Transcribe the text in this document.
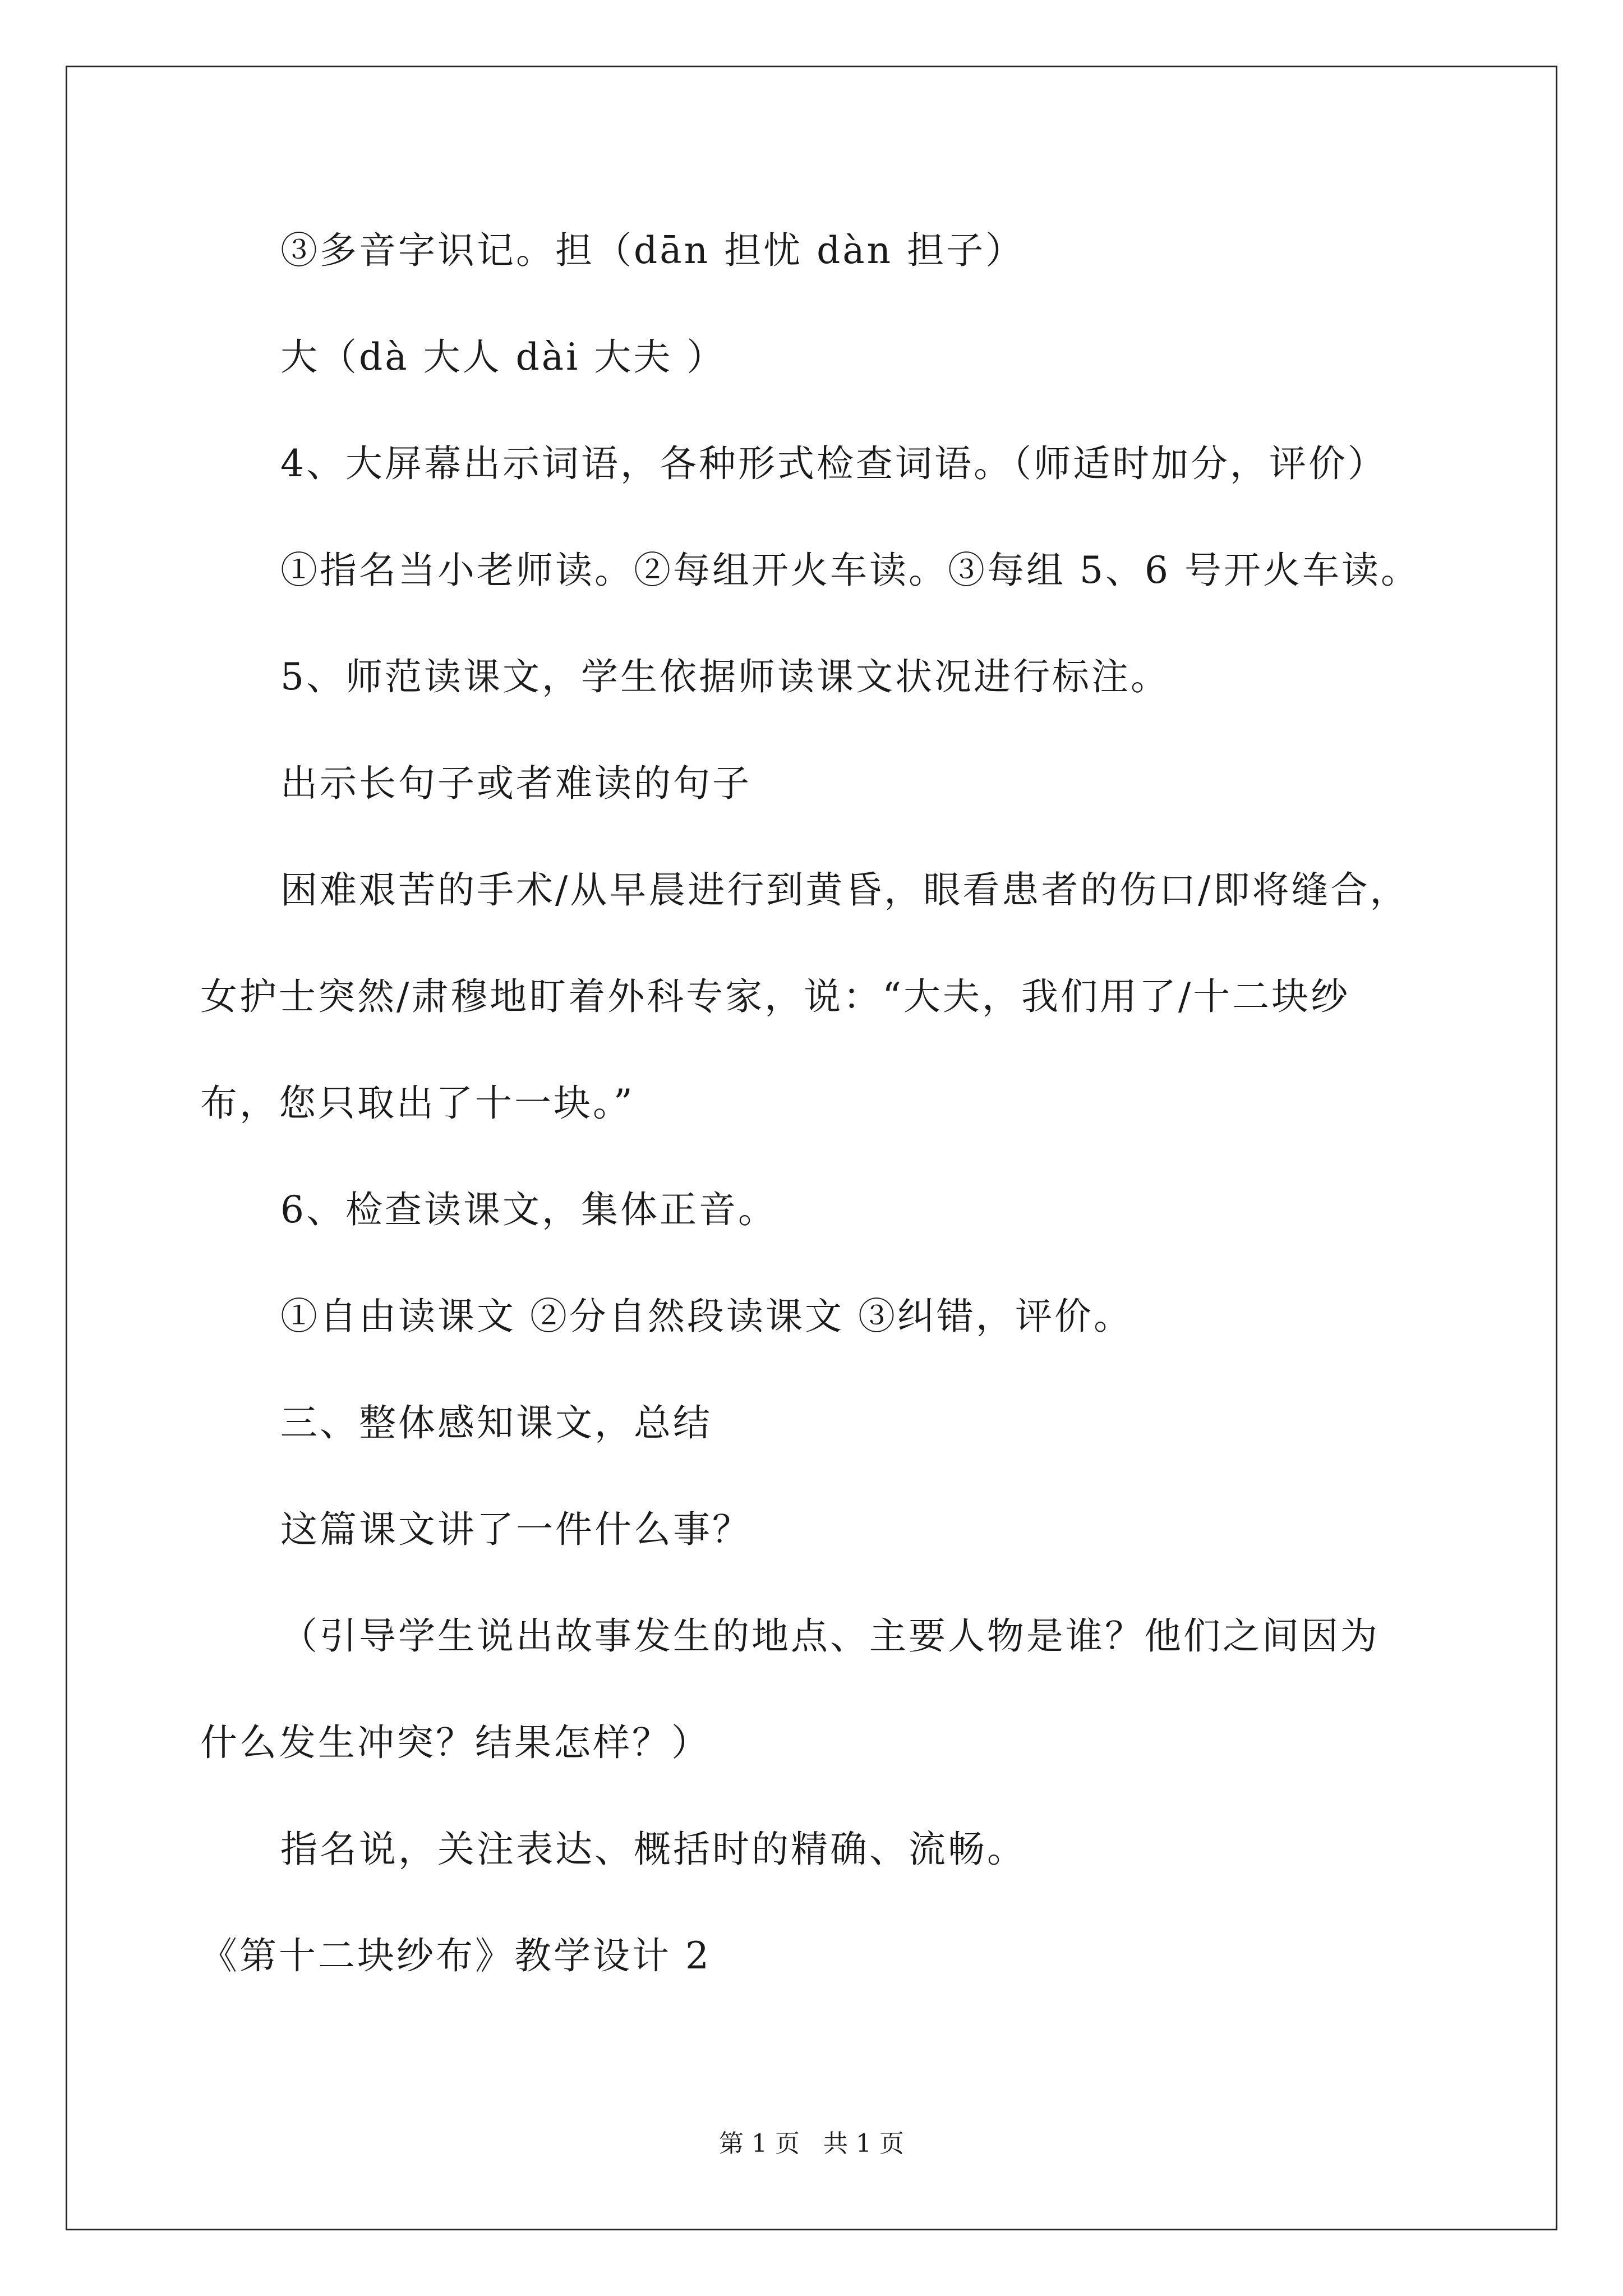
③多音字识记。担（dān 担忧 dàn 担子）
大（dà 大人 dài 大夫 ）
4、大屏幕出示词语，各种形式检查词语。（师适时加分，评价）
①指名当小老师读。②每组开火车读。③每组 5、6 号开火车读。
5、师范读课文，学生依据师读课文状况进行标注。
出示长句子或者难读的句子
困难艰苦的手术/从早晨进行到黄昏，眼看患者的伤口/即将缝合，
女护士突然/肃穆地盯着外科专家，说：“大夫，我们用了/十二块纱
布，您只取出了十一块。”
6、检查读课文，集体正音。
①自由读课文 ②分自然段读课文 ③纠错，评价。
三、整体感知课文，总结
这篇课文讲了一件什么事？
（引导学生说出故事发生的地点、主要人物是谁？他们之间因为
什么发生冲突？结果怎样？）
指名说，关注表达、概括时的精确、流畅。
《第十二块纱布》教学设计 2
第 1 页 共 1 页
